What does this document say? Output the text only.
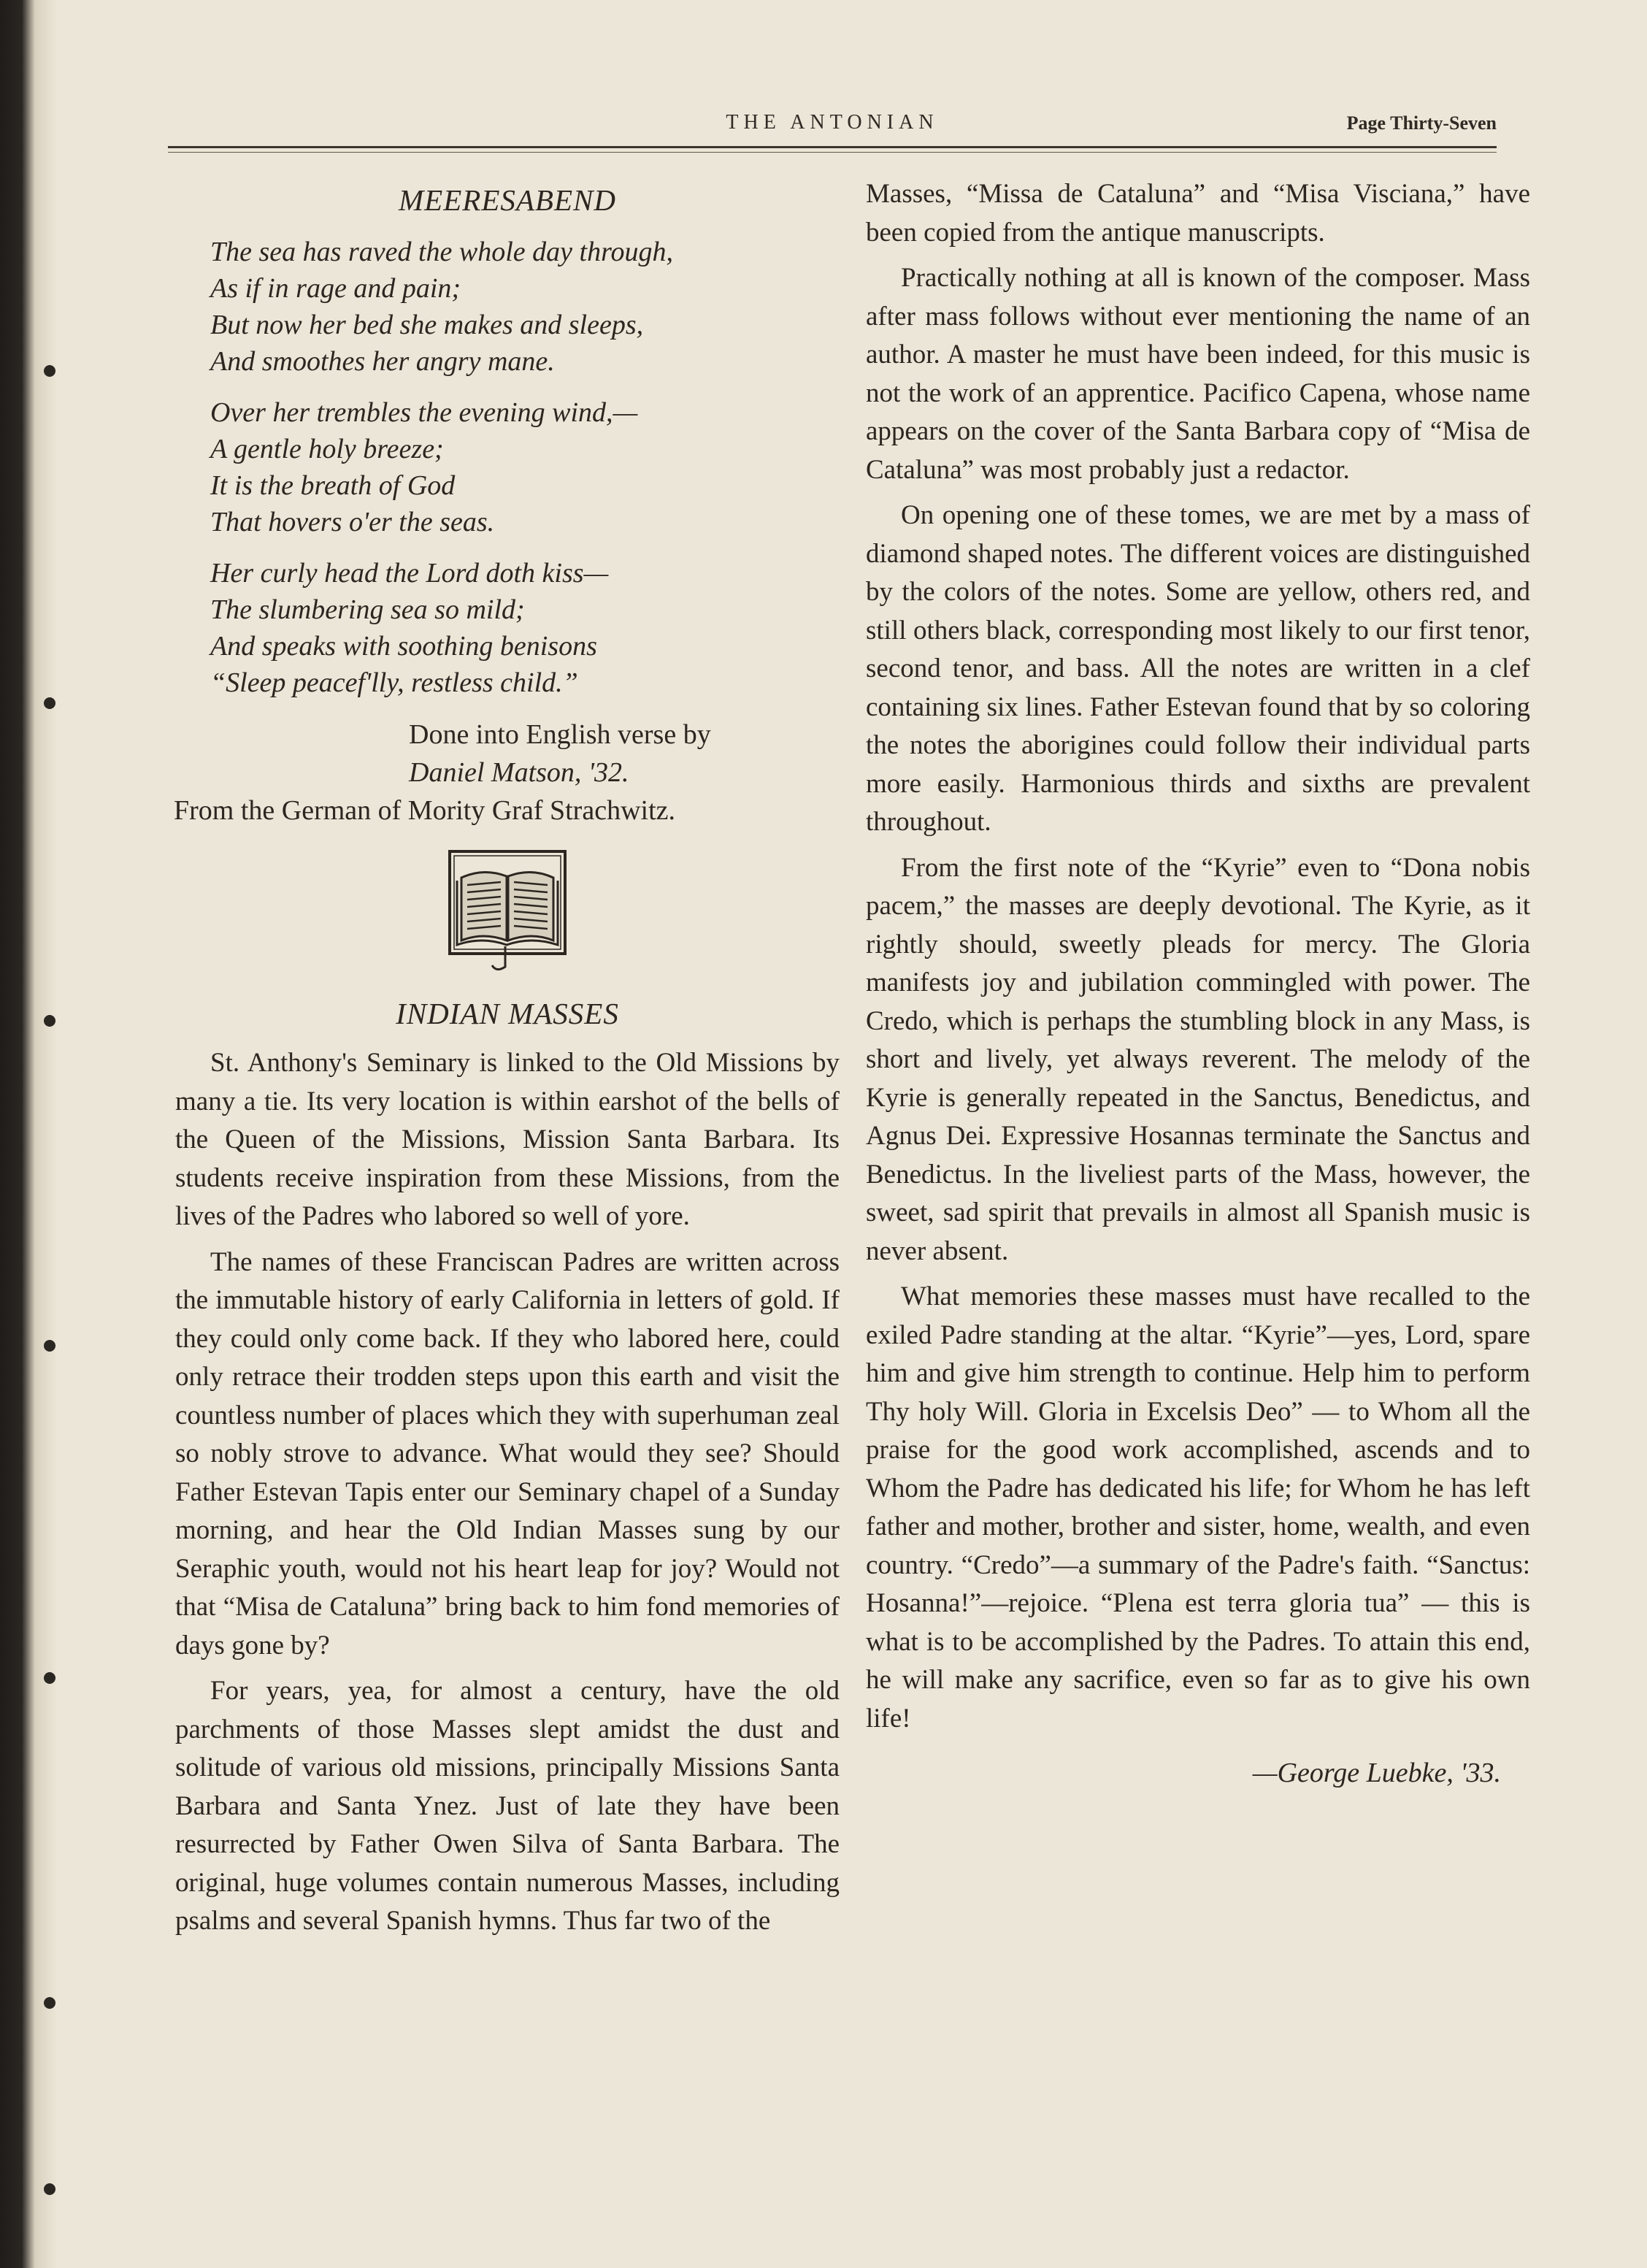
THE ANTONIAN	Page Thirty-Seven
MEERESABEND
The sea has raved the whole day through,
As if in rage and pain;
But now her bed she makes and sleeps,
And smoothes her angry mane.
Over her trembles the evening wind,—
A gentle holy breeze;
It is the breath of God
That hovers o'er the seas.
Her curly head the Lord doth kiss—
The slumbering sea so mild;
And speaks with soothing benisons
“Sleep peacef'lly, restless child.”
Done into English verse by
Daniel Matson, '32.
From the German of Mority Graf Strachwitz.
INDIAN MASSES

St. Anthony's Seminary is linked to the Old Missions by many a tie. Its very location is within earshot of the bells of the Queen of the Missions, Mission Santa Barbara. Its students receive inspiration from these Missions, from the lives of the Padres who labored so well of yore.

The names of these Franciscan Padres are written across the immutable history of early California in letters of gold. If they could only come back. If they who labored here, could only retrace their trodden steps upon this earth and visit the countless number of places which they with superhuman zeal so nobly strove to advance. What would they see? Should Father Estevan Tapis enter our Seminary chapel of a Sunday morning, and hear the Old Indian Masses sung by our Seraphic youth, would not his heart leap for joy? Would not that “Misa de Cataluna” bring back to him fond memories of days gone by?

For years, yea, for almost a century, have the old parchments of those Masses slept amidst the dust and solitude of various old missions, principally Missions Santa Barbara and Santa Ynez. Just of late they have been resurrected by Father Owen Silva of Santa Barbara. The original, huge volumes contain numerous Masses, including psalms and several Spanish hymns. Thus far two of the

Masses, “Missa de Cataluna” and “Misa Visciana,” have been copied from the antique manuscripts.

Practically nothing at all is known of the composer. Mass after mass follows without ever mentioning the name of an author. A master he must have been indeed, for this music is not the work of an apprentice. Pacifico Capena, whose name appears on the cover of the Santa Barbara copy of “Misa de Cataluna” was most probably just a redactor.

On opening one of these tomes, we are met by a mass of diamond shaped notes. The different voices are distinguished by the colors of the notes. Some are yellow, others red, and still others black, corresponding most likely to our first tenor, second tenor, and bass. All the notes are written in a clef containing six lines. Father Estevan found that by so coloring the notes the aborigines could follow their individual parts more easily. Harmonious thirds and sixths are prevalent throughout.

From the first note of the “Kyrie” even to “Dona nobis pacem,” the masses are deeply devotional. The Kyrie, as it rightly should, sweetly pleads for mercy. The Gloria manifests joy and jubilation commingled with power. The Credo, which is perhaps the stumbling block in any Mass, is short and lively, yet always reverent. The melody of the Kyrie is generally repeated in the Sanctus, Benedictus, and Agnus Dei. Expressive Hosannas terminate the Sanctus and Benedictus. In the liveliest parts of the Mass, however, the sweet, sad spirit that prevails in almost all Spanish music is never absent.

What memories these masses must have recalled to the exiled Padre standing at the altar. “Kyrie”—yes, Lord, spare him and give him strength to continue. Help him to perform Thy holy Will. Gloria in Excelsis Deo” — to Whom all the praise for the good work accomplished, ascends and to Whom the Padre has dedicated his life; for Whom he has left father and mother, brother and sister, home, wealth, and even country. “Credo”—a summary of the Padre's faith. “Sanctus: Hosanna!”—rejoice. “Plena est terra gloria tua” — this is what is to be accomplished by the Padres. To attain this end, he will make any sacrifice, even so far as to give his own life!

—George Luebke, '33.
